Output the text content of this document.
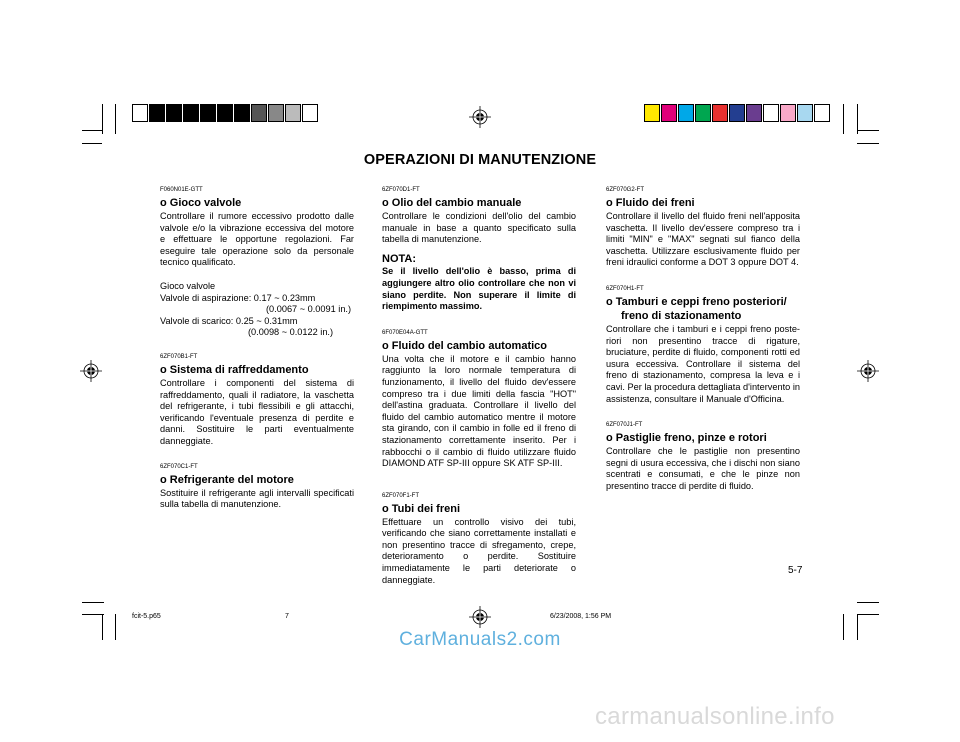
OPERAZIONI DI MANUTENZIONE
F060N01E-GTT
o Gioco valvole

Controllare il rumore eccessivo prodotto dalle valvole e/o la vibrazione eccessiva del motore e effettuare le opportune regolazioni. Far eseguire tale operazione solo da personale tecnico qualificato.

Gioco valvole
Valvole di aspirazione: 0.17 ~ 0.23mm
(0.0067 ~ 0.0091 in.)
Valvole di scarico: 0.25 ~ 0.31mm
(0.0098 ~ 0.0122 in.)
6ZF070B1-FT
o Sistema di raffreddamento

Controllare i componenti del sistema di raffreddamento, quali il radiatore, la vaschetta del refrigerante, i tubi flessibili e gli attacchi, verificando l'eventuale presenza di perdite e danni. Sostituire le parti eventualmente danneggiate.

6ZF070C1-FT
o Refrigerante del motore

Sostituire il refrigerante agli intervalli specificati sulla tabella di manutenzione.

6ZF070D1-FT
o Olio del cambio manuale

Controllare le condizioni dell'olio del cambio manuale in base a quanto specificato sulla tabella di manutenzione.

NOTA:

Se il livello dell'olio è basso, prima di aggiungere altro olio controllare che non vi siano perdite. Non superare il limite di riempimento massimo.

6F070E04A-GTT
o Fluido del cambio automatico

Una volta che il motore e il cambio hanno raggiunto la loro normale temperatura di funzionamento, il livello del fluido dev'essere compreso tra i due limiti della fascia "HOT" dell'astina graduata. Controllare il livello del fluido del cambio automatico mentre il motore sta girando, con il cambio in folle ed il freno di stazionamento correttamente inserito. Per i rabbocchi o il cambio di fluido utilizzare fluido DIAMOND ATF SP-III oppure SK ATF SP-III.

6ZF070F1-FT
o Tubi dei freni

Effettuare un controllo visivo dei tubi, verificando che siano correttamente installati e non presentino tracce di sfregamento, crepe, deterioramento o perdite. Sostituire immediatamente le parti deteriorate o danneggiate.

6ZF070G2-FT
o Fluido dei freni

Controllare il livello del fluido freni nell'apposita vaschetta. Il livello dev'essere compreso tra i limiti "MIN" e "MAX" segnati sul fianco della vaschetta. Utilizzare esclusivamente fluido per freni idraulici conforme a DOT 3 oppure DOT 4.

6ZF070H1-FT
o Tamburi e ceppi freno posteriori/
freno di stazionamento

Controllare che i tamburi e i ceppi freno poste- riori non presentino tracce di rigature, bruciature, perdite di fluido, componenti rotti ed usura eccessiva. Controllare il sistema del freno di stazionamento, compresa la leva e i cavi. Per la procedura dettagliata d'intervento in assistenza, consultare il Manuale d'Officina.

6ZF070J1-FT
o Pastiglie freno, pinze e rotori

Controllare che le pastiglie non presentino segni di usura eccessiva, che i dischi non siano scentrati e consumati, e che le pinze non presentino tracce di perdite di fluido.

5-7
fcit-5.p65	7	6/23/2008, 1:56 PM
CarManuals2.com
carmanualsonline.info
